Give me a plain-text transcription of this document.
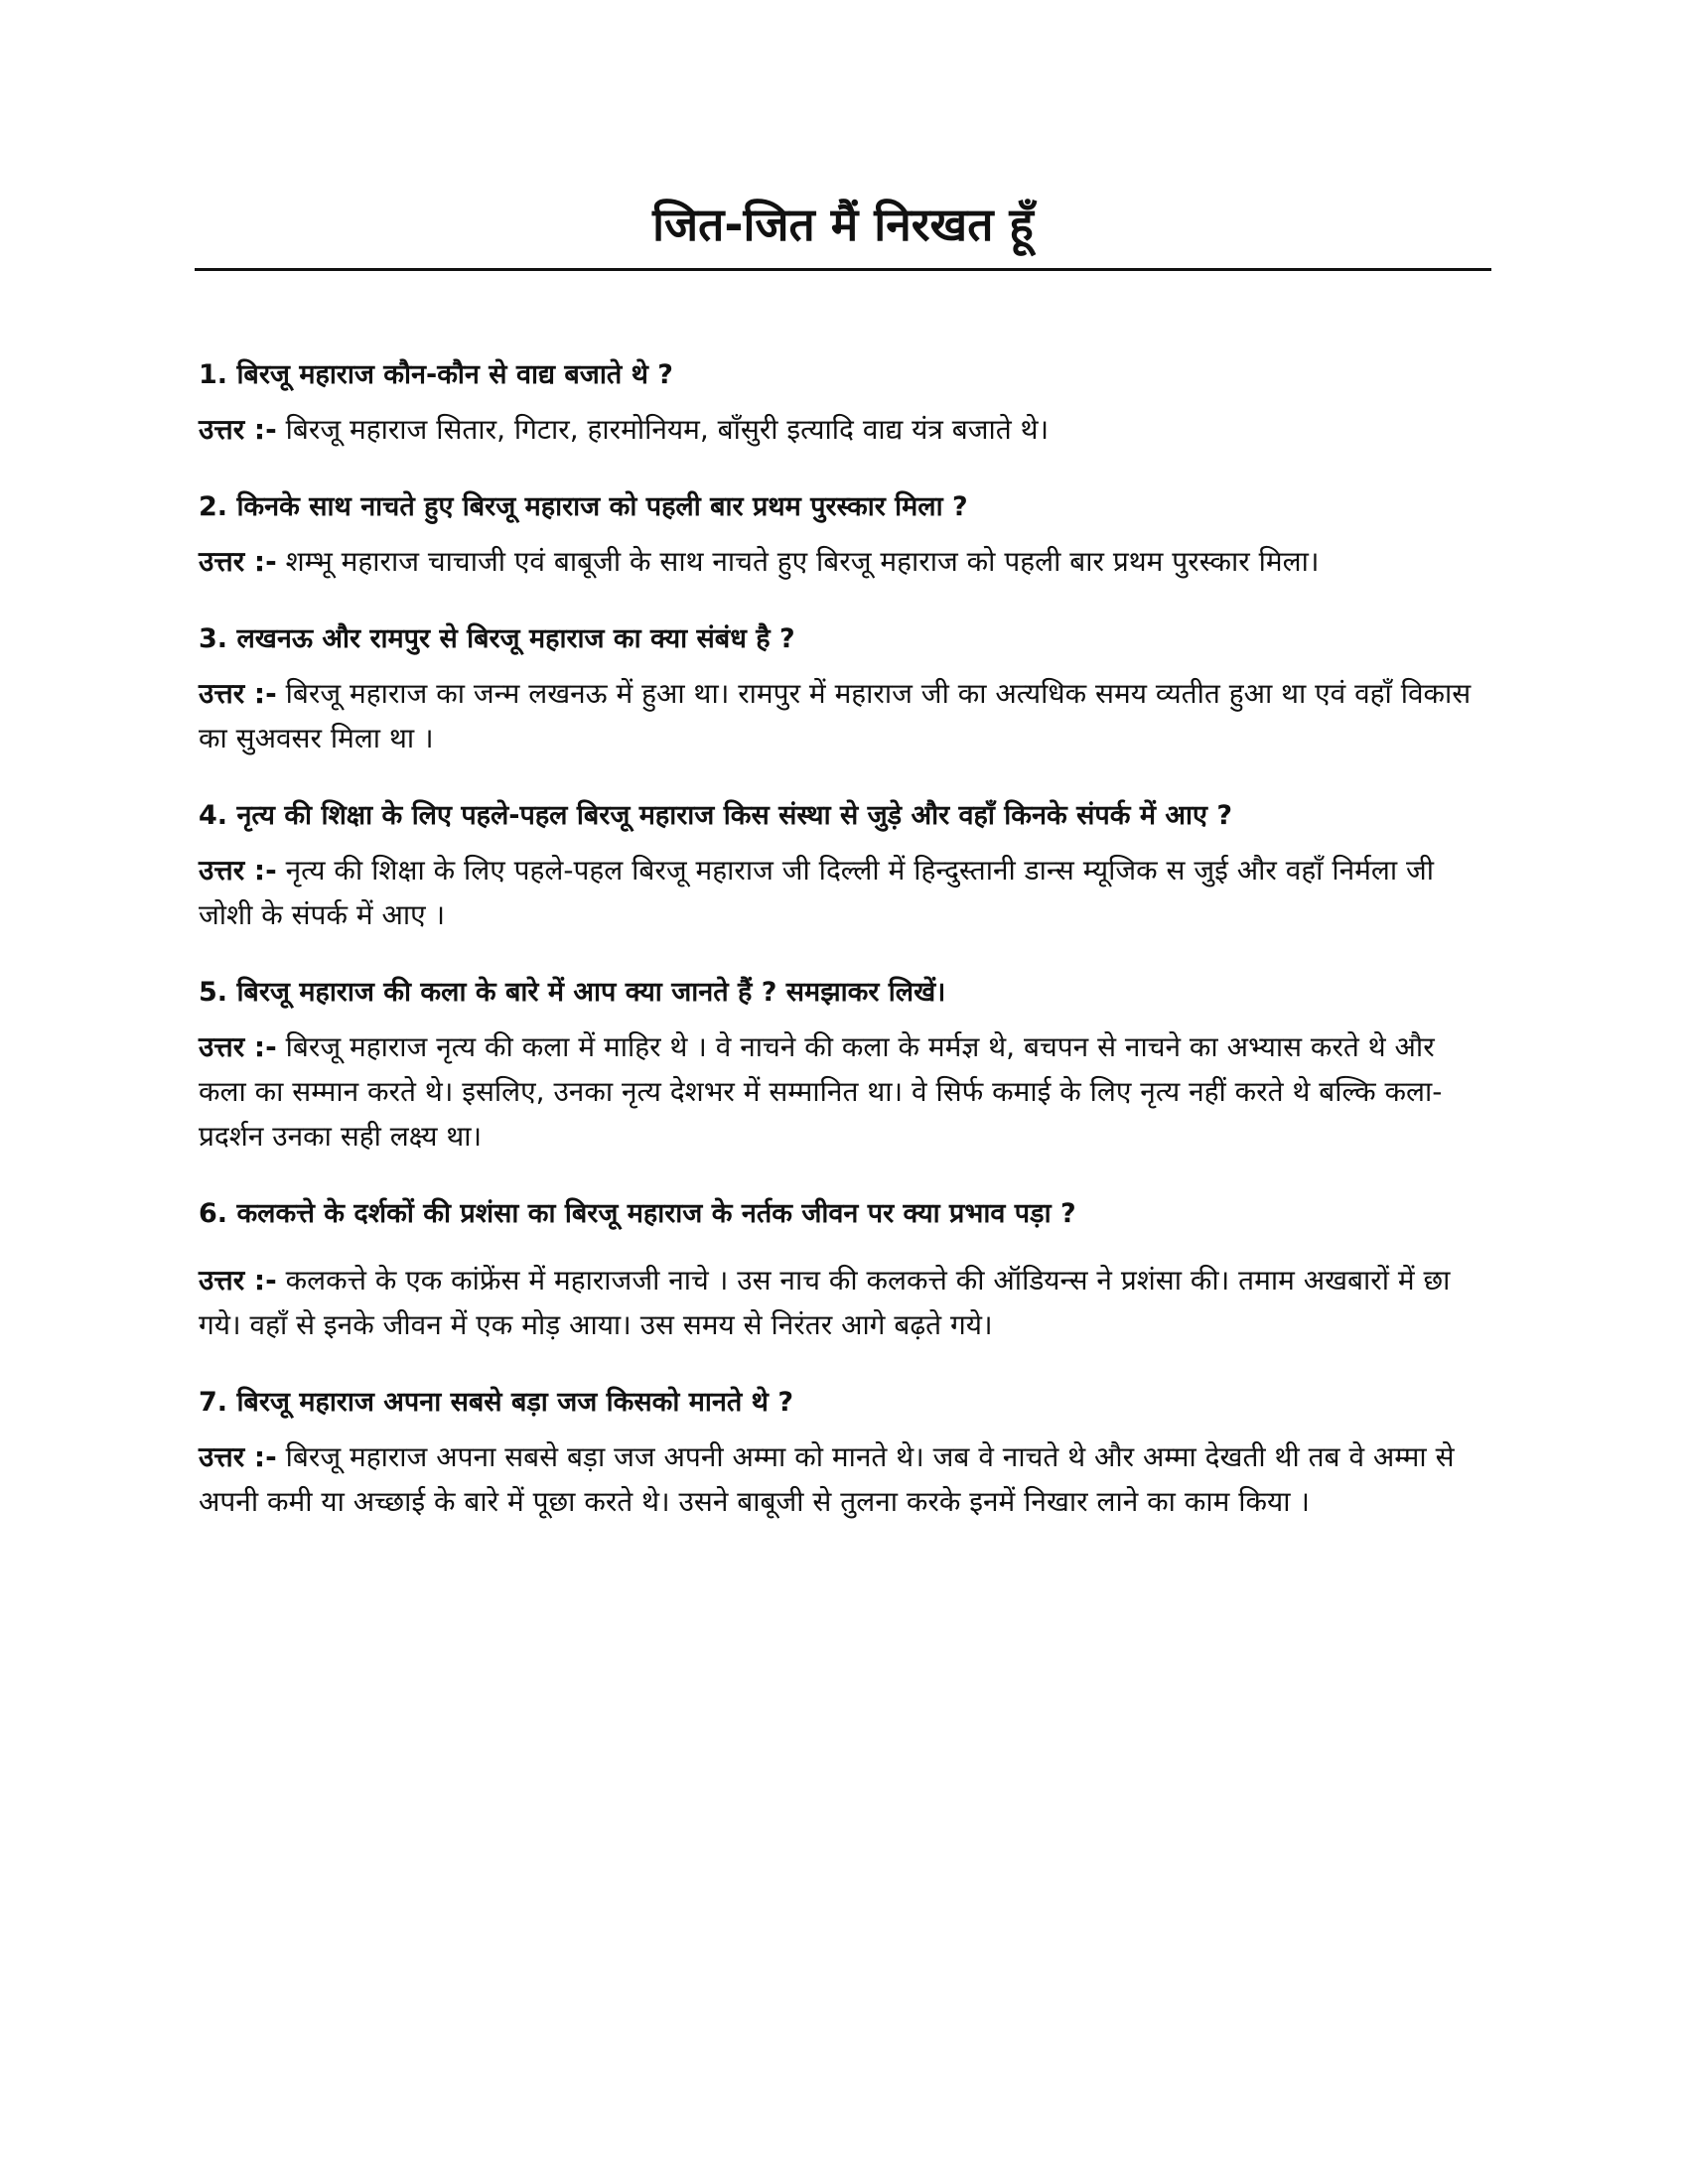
जित-जित मैं निरखत हूँ

1. बिरजू महाराज कौन-कौन से वाद्य बजाते थे ?

उत्तर :- बिरजू महाराज सितार, गिटार, हारमोनियम, बाँसुरी इत्यादि वाद्य यंत्र बजाते थे।

2. किनके साथ नाचते हुए बिरजू महाराज को पहली बार प्रथम पुरस्कार मिला ?

उत्तर :- शम्भू महाराज चाचाजी एवं बाबूजी के साथ नाचते हुए बिरजू महाराज को पहली बार प्रथम पुरस्कार मिला।

3. लखनऊ और रामपुर से बिरजू महाराज का क्या संबंध है ?

उत्तर :- बिरजू महाराज का जन्म लखनऊ में हुआ था। रामपुर में महाराज जी का अत्यधिक समय व्यतीत हुआ था एवं वहाँ विकास का सुअवसर मिला था ।

4. नृत्य की शिक्षा के लिए पहले-पहल बिरजू महाराज किस संस्था से जुड़े और वहाँ किनके संपर्क में आए ?

उत्तर :- नृत्य की शिक्षा के लिए पहले-पहल बिरजू महाराज जी दिल्ली में हिन्दुस्तानी डान्स म्यूजिक स जुई और वहाँ निर्मला जी जोशी के संपर्क में आए ।

5. बिरजू महाराज की कला के बारे में आप क्या जानते हैं ? समझाकर लिखें।

उत्तर :- बिरजू महाराज नृत्य की कला में माहिर थे । वे नाचने की कला के मर्मज्ञ थे, बचपन से नाचने का अभ्यास करते थे और कला का सम्मान करते थे। इसलिए, उनका नृत्य देशभर में सम्मानित था। वे सिर्फ कमाई के लिए नृत्य नहीं करते थे बल्कि कला-प्रदर्शन उनका सही लक्ष्य था।

6. कलकत्ते के दर्शकों की प्रशंसा का बिरजू महाराज के नर्तक जीवन पर क्या प्रभाव पड़ा ?

उत्तर :- कलकत्ते के एक कांफ्रेंस में महाराजजी नाचे । उस नाच की कलकत्ते की ऑडियन्स ने प्रशंसा की। तमाम अखबारों में छा गये। वहाँ से इनके जीवन में एक मोड़ आया। उस समय से निरंतर आगे बढ़ते गये।

7. बिरजू महाराज अपना सबसे बड़ा जज किसको मानते थे ?

उत्तर :- बिरजू महाराज अपना सबसे बड़ा जज अपनी अम्मा को मानते थे। जब वे नाचते थे और अम्मा देखती थी तब वे अम्मा से अपनी कमी या अच्छाई के बारे में पूछा करते थे। उसने बाबूजी से तुलना करके इनमें निखार लाने का काम किया ।
